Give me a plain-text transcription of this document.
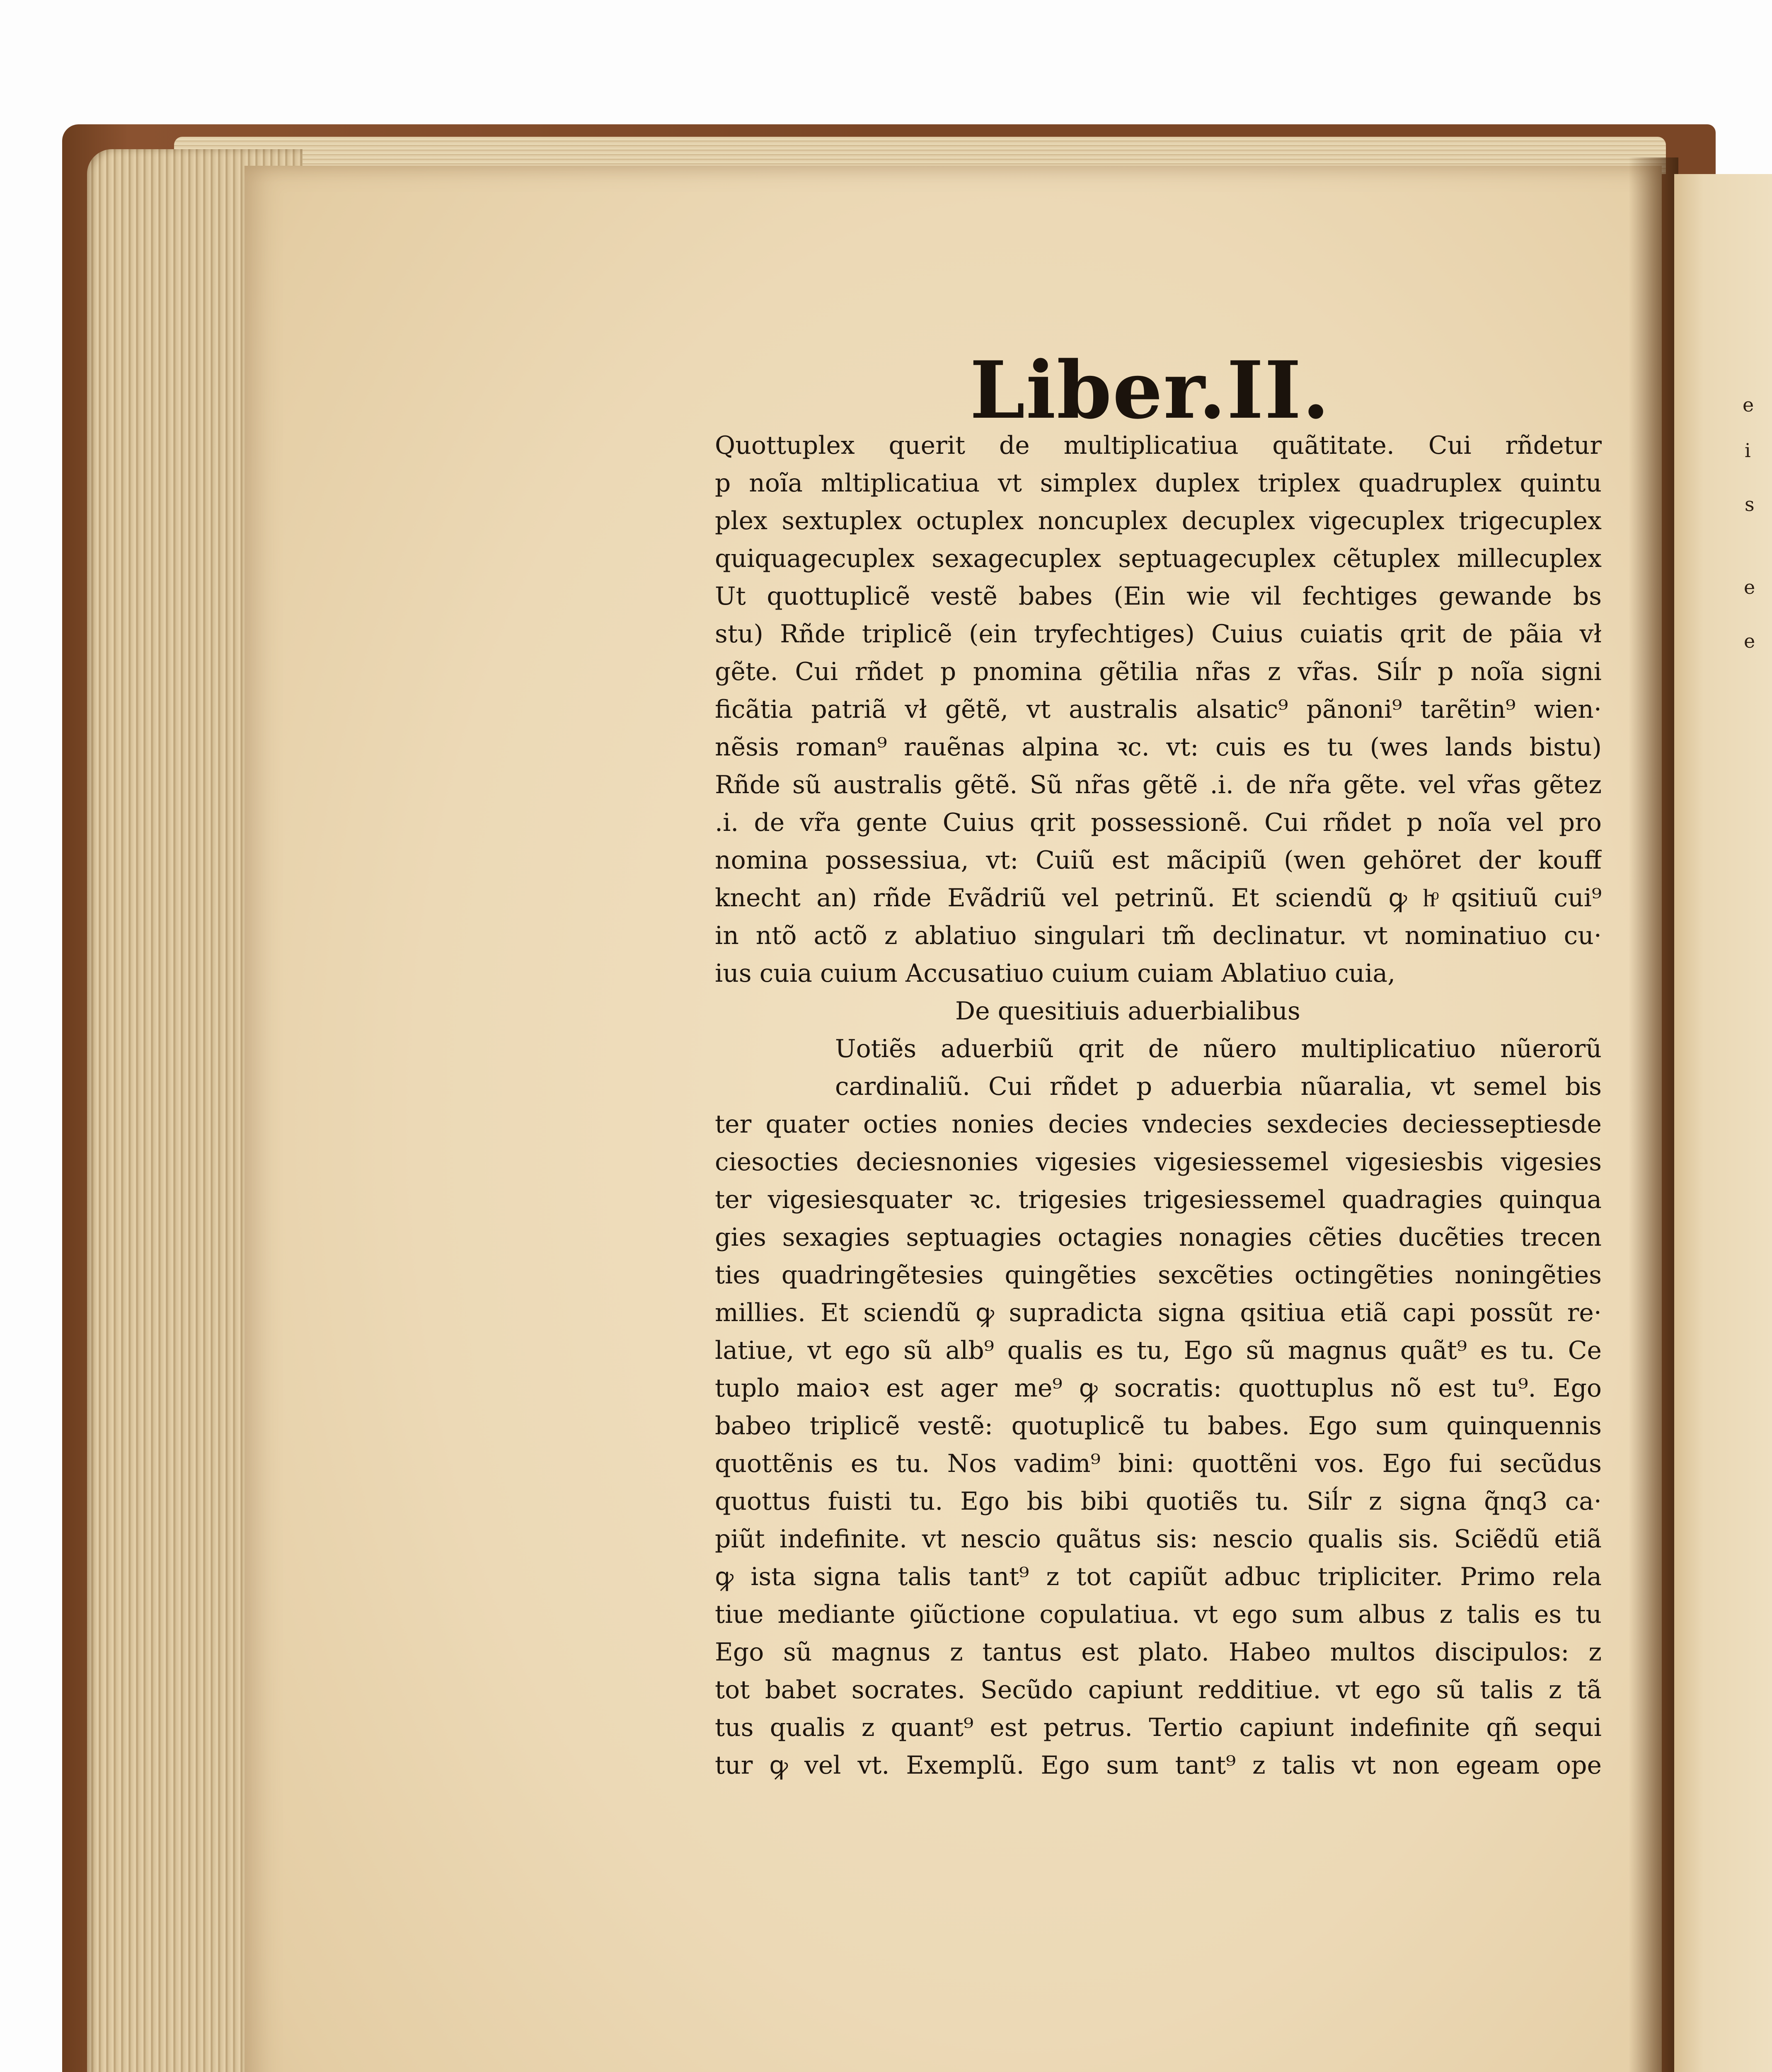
e
i
s
e
e
Liber.II.
Quottuplex querit de multiplicatiua quãtitate. Cui rñdetur
p noĩa mltiplicatiua vt simplex duplex triplex quadruplex quintu
plex sextuplex octuplex noncuplex decuplex vigecuplex trigecuplex
quiquagecuplex sexagecuplex septuagecuplex cẽtuplex millecuplex
Ut quottuplicẽ vestẽ babes (Ein wie vil fechtiges gewande bs
stu) Rñde triplicẽ (ein tryfechtiges) Cuius cuiatis qrit de pãia vł
gẽte. Cui rñdet p pnomina gẽtilia nr̃as z vr̃as. Siĺr p noĩa signi
ficãtia patriã vł gẽtẽ, vt australis alsatic⁹ pãnoni⁹ tarẽtin⁹ wien·
nẽsis roman⁹ rauẽnas alpina ꝛc. vt: cuis es tu (wes lands bistu)
Rñde sũ australis gẽtẽ. Sũ nr̃as gẽtẽ .i. de nr̃a gẽte. vel vr̃as gẽtez
.i. de vr̃a gente Cuius qrit possessionẽ. Cui rñdet p noĩa vel pro
nomina possessiua, vt: Cuiũ est mãcipiũ (wen gehöret der kouff
knecht an) rñde Evãdriũ vel petrinũ. Et sciendũ ꝙ hͦ qsitiuũ cui⁹
in ntõ actõ z ablatiuo singulari tm̃ declinatur. vt nominatiuo cu·
ius cuia cuium Accusatiuo cuium cuiam Ablatiuo cuia,
De quesitiuis aduerbialibus
Uotiẽs aduerbiũ qrit de nũero multiplicatiuo nũerorũ
cardinaliũ. Cui rñdet p aduerbia nũaralia, vt semel bis
ter quater octies nonies decies vndecies sexdecies deciesseptiesde
ciesocties deciesnonies vigesies vigesiessemel vigesiesbis vigesies
ter vigesiesquater ꝛc. trigesies trigesiessemel quadragies quinqua
gies sexagies septuagies octagies nonagies cẽties ducẽties trecen
ties quadringẽtesies quingẽties sexcẽties octingẽties noningẽties
millies. Et sciendũ ꝙ supradicta signa qsitiua etiã capi possũt re·
latiue, vt ego sũ alb⁹ qualis es tu, Ego sũ magnus quãt⁹ es tu. Ce
tuplo maioꝛ est ager me⁹ ꝙ socratis: quottuplus nõ est tu⁹. Ego
babeo triplicẽ vestẽ: quotuplicẽ tu babes. Ego sum quinquennis
quottẽnis es tu. Nos vadim⁹ bini: quottẽni vos. Ego fui secũdus
quottus fuisti tu. Ego bis bibi quotiẽs tu. Siĺr z signa q̃nq3 ca·
piũt indefinite. vt nescio quãtus sis: nescio qualis sis. Sciẽdũ etiã
ꝙ ista signa talis tant⁹ z tot capiũt adbuc tripliciter. Primo rela
tiue mediante ꝯiũctione copulatiua. vt ego sum albus z talis es tu
Ego sũ magnus z tantus est plato. Habeo multos discipulos: z
tot babet socrates. Secũdo capiunt redditiue. vt ego sũ talis z tã
tus qualis z quant⁹ est petrus. Tertio capiunt indefinite qñ sequi
tur ꝙ vel vt. Exemplũ. Ego sum tant⁹ z talis vt non egeam ope
